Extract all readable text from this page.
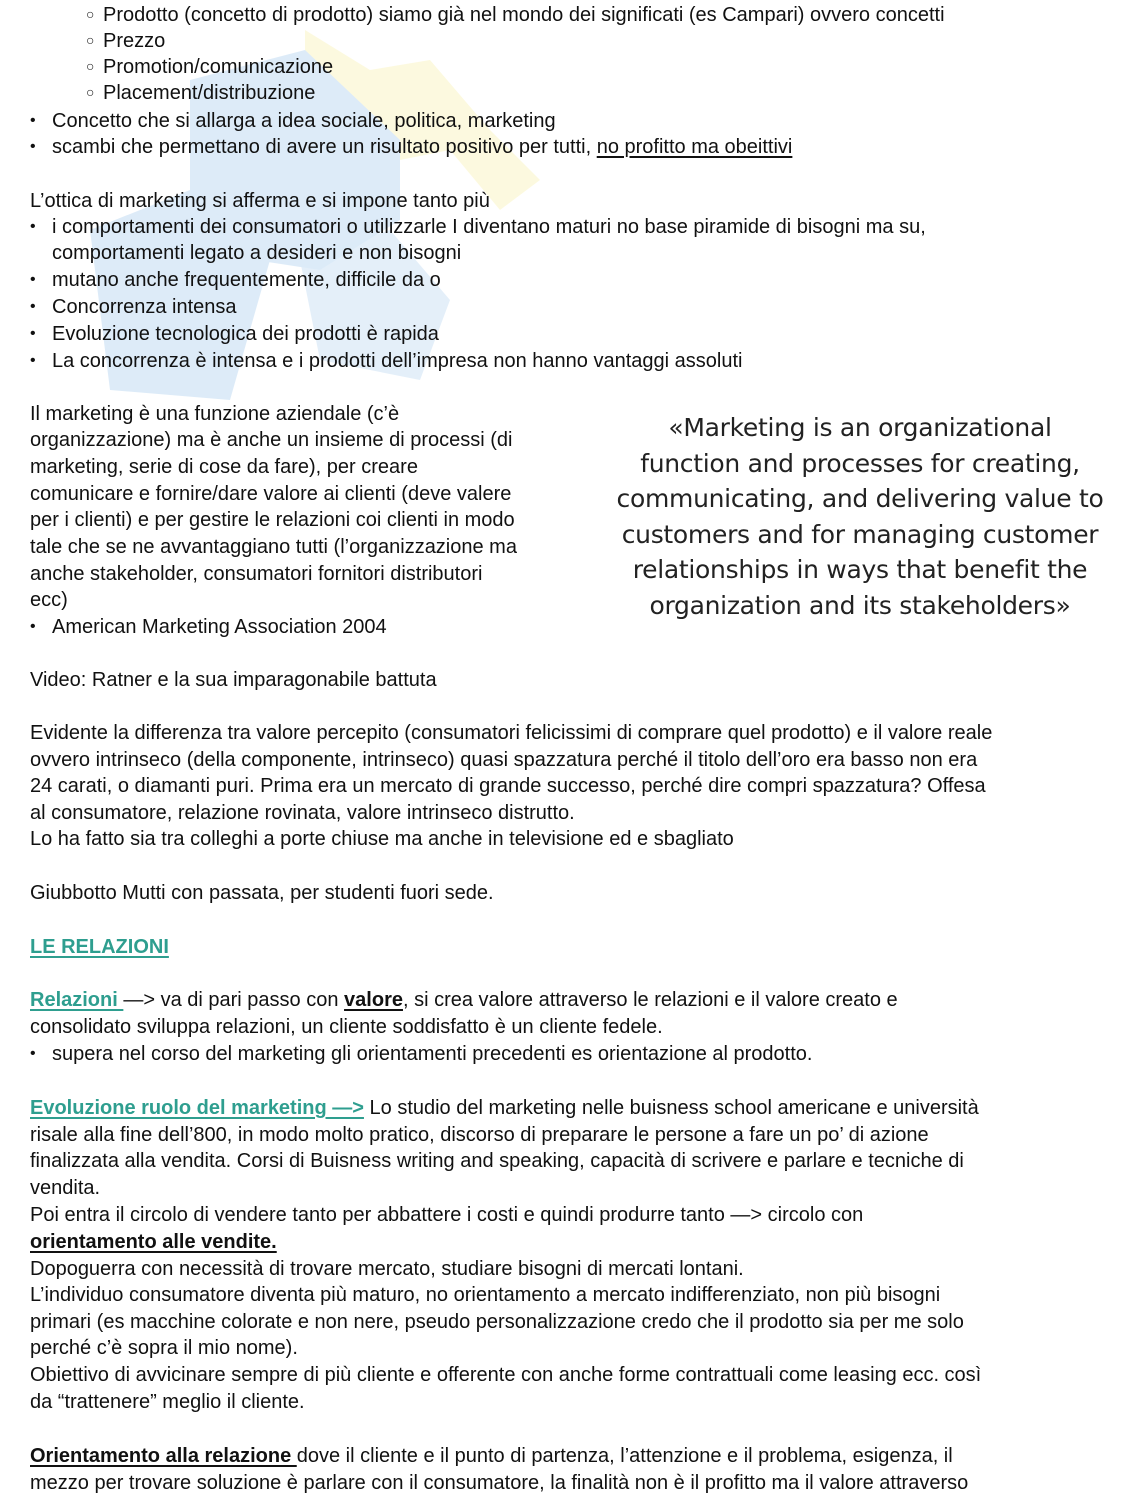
○ Prodotto (concetto di prodotto) siamo già nel mondo dei significati (es Campari) ovvero concetti
○ Prezzo
○ Promotion/comunicazione
○ Placement/distribuzione
• Concetto che si allarga a idea sociale, politica, marketing
• scambi che permettano di avere un risultato positivo per tutti, no profitto ma obeittivi
L’ottica di marketing si afferma e si impone tanto più
• i comportamenti dei consumatori o utilizzarle I diventano maturi no base piramide di bisogni ma su,
comportamenti legato a desideri e non bisogni
• mutano anche frequentemente, difficile da o
• Concorrenza intensa
• Evoluzione tecnologica dei prodotti è rapida
• La concorrenza è intensa e i prodotti dell’impresa non hanno vantaggi assoluti
Il marketing è una funzione aziendale (c’è
organizzazione) ma è anche un insieme di processi (di
marketing, serie di cose da fare), per creare
comunicare e fornire/dare valore ai clienti (deve valere
per i clienti) e per gestire le relazioni coi clienti in modo
tale che se ne avvantaggiano tutti (l’organizzazione ma
anche stakeholder, consumatori fornitori distributori
ecc)
• American Marketing Association 2004
«Marketing is an organizational
function and processes for creating,
communicating, and delivering value to
customers and for managing customer
relationships in ways that benefit the
organization and its stakeholders»
Video: Ratner e la sua imparagonabile battuta
Evidente la differenza tra valore percepito (consumatori felicissimi di comprare quel prodotto) e il valore reale
ovvero intrinseco (della componente, intrinseco) quasi spazzatura perché il titolo dell’oro era basso non era
24 carati, o diamanti puri. Prima era un mercato di grande successo, perché dire compri spazzatura? Offesa
al consumatore, relazione rovinata, valore intrinseco distrutto.
Lo ha fatto sia tra colleghi a porte chiuse ma anche in televisione ed e sbagliato
Giubbotto Mutti con passata, per studenti fuori sede.
LE RELAZIONI
Relazioni —> va di pari passo con valore, si crea valore attraverso le relazioni e il valore creato e
consolidato sviluppa relazioni, un cliente soddisfatto è un cliente fedele.
• supera nel corso del marketing gli orientamenti precedenti es orientazione al prodotto.
Evoluzione ruolo del marketing —> Lo studio del marketing nelle buisness school americane e università
risale alla fine dell’800, in modo molto pratico, discorso di preparare le persone a fare un po’ di azione
finalizzata alla vendita. Corsi di Buisness writing and speaking, capacità di scrivere e parlare e tecniche di
vendita.
Poi entra il circolo di vendere tanto per abbattere i costi e quindi produrre tanto —> circolo con
orientamento alle vendite.
Dopoguerra con necessità di trovare mercato, studiare bisogni di mercati lontani.
L’individuo consumatore diventa più maturo, no orientamento a mercato indifferenziato, non più bisogni
primari (es macchine colorate e non nere, pseudo personalizzazione credo che il prodotto sia per me solo
perché c’è sopra il mio nome).
Obiettivo di avvicinare sempre di più cliente e offerente con anche forme contrattuali come leasing ecc. così
da “trattenere” meglio il cliente.
Orientamento alla relazione dove il cliente e il punto di partenza, l’attenzione e il problema, esigenza, il
mezzo per trovare soluzione è parlare con il consumatore, la finalità non è il profitto ma il valore attraverso
